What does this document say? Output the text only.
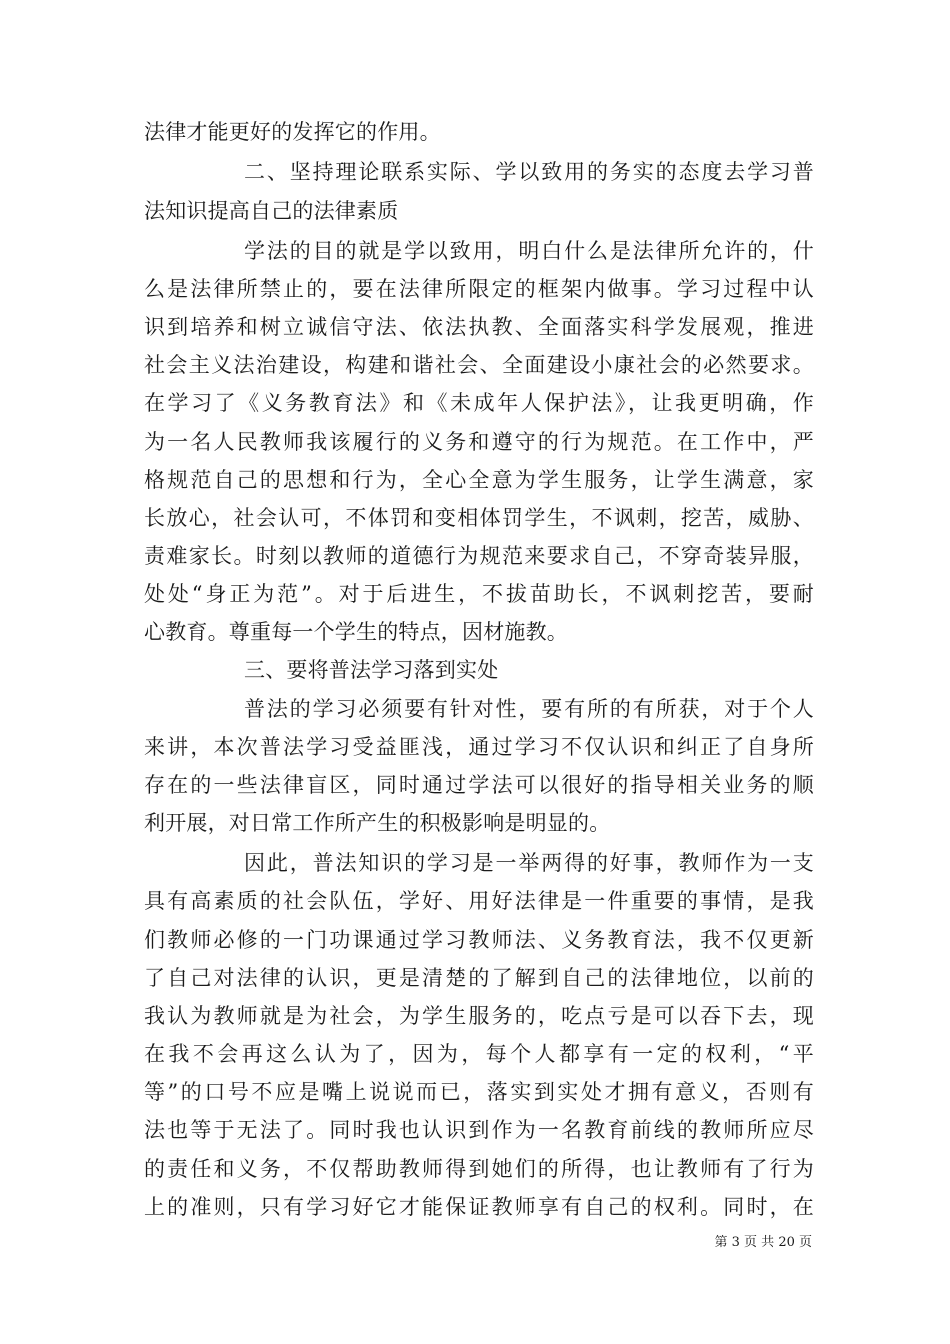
法律才能更好的发挥它的作用。
二、坚持理论联系实际、学以致用的务实的态度去学习普
法知识提高自己的法律素质
学法的目的就是学以致用，明白什么是法律所允许的，什
么是法律所禁止的，要在法律所限定的框架内做事。学习过程中认
识到培养和树立诚信守法、依法执教、全面落实科学发展观，推进
社会主义法治建设，构建和谐社会、全面建设小康社会的必然要求。
在学习了《义务教育法》和《未成年人保护法》，让我更明确，作
为一名人民教师我该履行的义务和遵守的行为规范。在工作中，严
格规范自己的思想和行为，全心全意为学生服务，让学生满意，家
长放心，社会认可，不体罚和变相体罚学生，不讽刺，挖苦，威胁、
责难家长。时刻以教师的道德行为规范来要求自己，不穿奇装异服，
处处“身正为范”。对于后进生，不拔苗助长，不讽刺挖苦，要耐
心教育。尊重每一个学生的特点，因材施教。
三、要将普法学习落到实处
普法的学习必须要有针对性，要有所的有所获，对于个人
来讲，本次普法学习受益匪浅，通过学习不仅认识和纠正了自身所
存在的一些法律盲区，同时通过学法可以很好的指导相关业务的顺
利开展，对日常工作所产生的积极影响是明显的。
因此，普法知识的学习是一举两得的好事，教师作为一支
具有高素质的社会队伍，学好、用好法律是一件重要的事情，是我
们教师必修的一门功课通过学习教师法、义务教育法，我不仅更新
了自己对法律的认识，更是清楚的了解到自己的法律地位，以前的
我认为教师就是为社会，为学生服务的，吃点亏是可以吞下去，现
在我不会再这么认为了，因为，每个人都享有一定的权利，“平
等”的口号不应是嘴上说说而已，落实到实处才拥有意义，否则有
法也等于无法了。同时我也认识到作为一名教育前线的教师所应尽
的责任和义务，不仅帮助教师得到她们的所得，也让教师有了行为
上的准则，只有学习好它才能保证教师享有自己的权利。同时，在
第 3 页 共 20 页
